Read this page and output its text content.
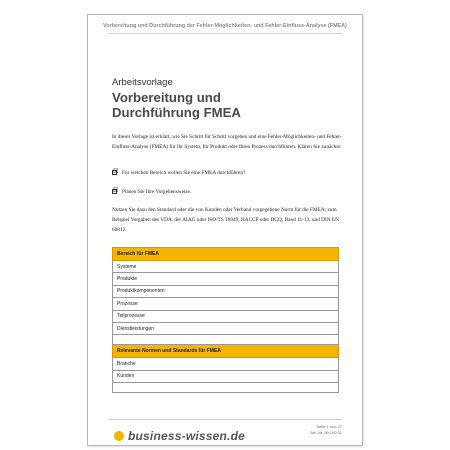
Vorbereitung und Durchführung der Fehler-Möglichkeiten- und Fehler-Einfluss-Analyse (FMEA)
Arbeitsvorlage
Vorbereitung und
Durchführung FMEA
In dieser Vorlage ist erklärt, wie Sie Schritt für Schritt vorgehen und eine Fehler-Möglichkeiten- und Fehler-Einfluss-Analyse (FMEA) für Ihr System, Ihr Produkt oder Ihren Prozess durchführen. Klären Sie zunächst:
☒ Für welchen Bereich wollen Sie eine FMEA durchführen?
☒ Planen Sie Ihre Vorgehensweise.
Nutzen Sie dazu den Standard oder die von Kunden oder Verband vorgegebene Norm für die FMEA; zum Beispiel Vorgaben des VDA, der AIAG oder ISO/TS 16949, HACCP oder DGQ, Band 11-13, und DIN EN 60812.
Bereich für FMEA
Systeme
Produkte
Produktkomponenten
Prozesse
Teilprozesse
Dienstleistungen

Relevante Normen und Standards für FMEA
Branche
Kunden

business-wissen.de
Seite 1 von 27
Art.-Nr. 99.100.01
